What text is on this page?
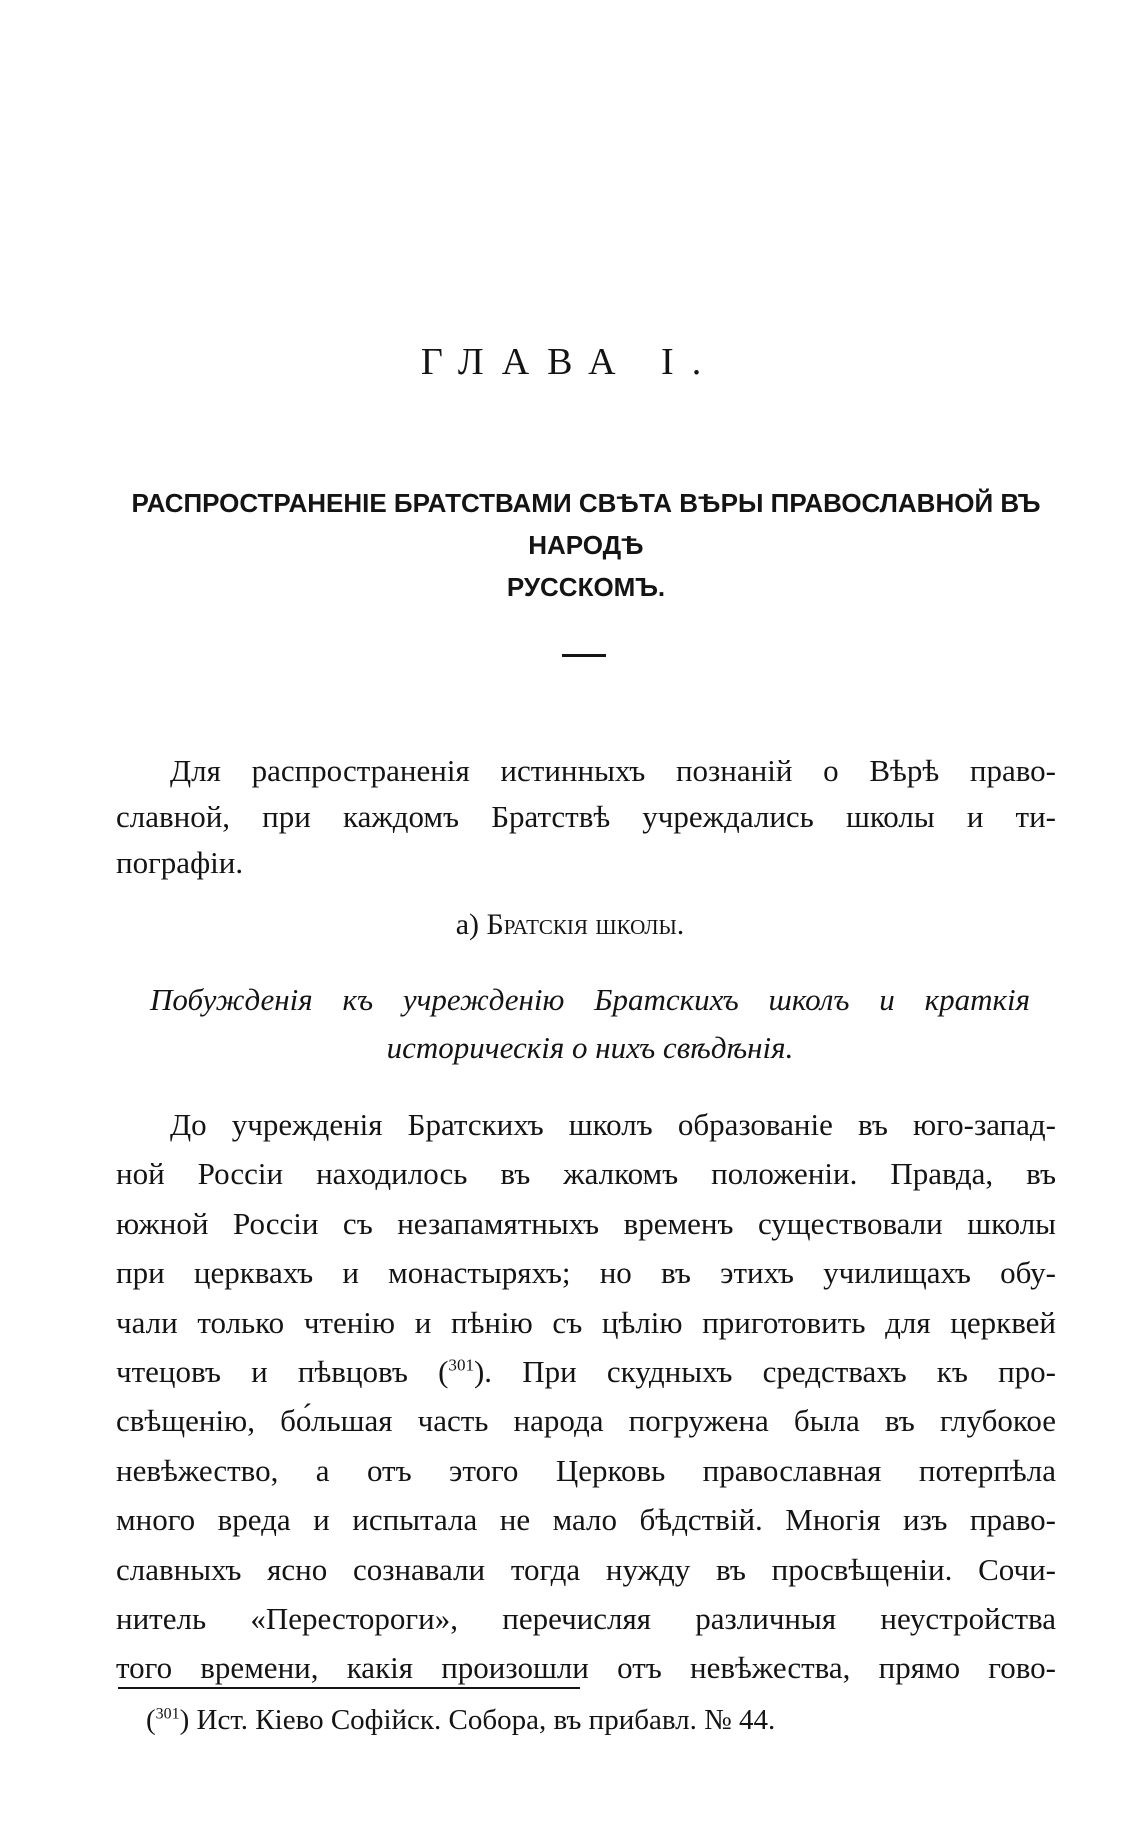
ГЛАВА I.
РАСПРОСТРАНЕНІЕ БРАТСТВАМИ СВѢТА ВѢРЫ ПРАВОСЛАВНОЙ ВЪ НАРОДѢ
РУССКОМЪ.
Для распространенія истинныхъ познаній о Вѣрѣ право-
славной, при каждомъ Братствѣ учреждались школы и ти-
пографіи.
а) Братскія школы.
Побужденія къ учрежденію Братскихъ школъ и краткія
историческія о нихъ свѣдѣнія.
До учрежденія Братскихъ школъ образованіе въ юго-запад-
ной Россіи находилось въ жалкомъ положеніи. Правда, въ
южной Россіи съ незапамятныхъ временъ существовали школы
при церквахъ и монастыряхъ; но въ этихъ училищахъ обу-
чали только чтенію и пѣнію съ цѣлію приготовить для церквей
чтецовъ и пѣвцовъ ($^{301}$). При скудныхъ средствахъ къ про-
свѣщенію, бо́льшая часть народа погружена была въ глубокое
невѣжество, а отъ этого Церковь православная потерпѣла
много вреда и испытала не мало бѣдствій. Многія изъ право-
славныхъ ясно сознавали тогда нужду въ просвѣщеніи. Сочи-
нитель «Перестороги», перечисляя различныя неустройства
того времени, какія произошли отъ невѣжества, прямо гово-
($^{301}$) Ист. Кіево Софійск. Собора, въ прибавл. № 44.
